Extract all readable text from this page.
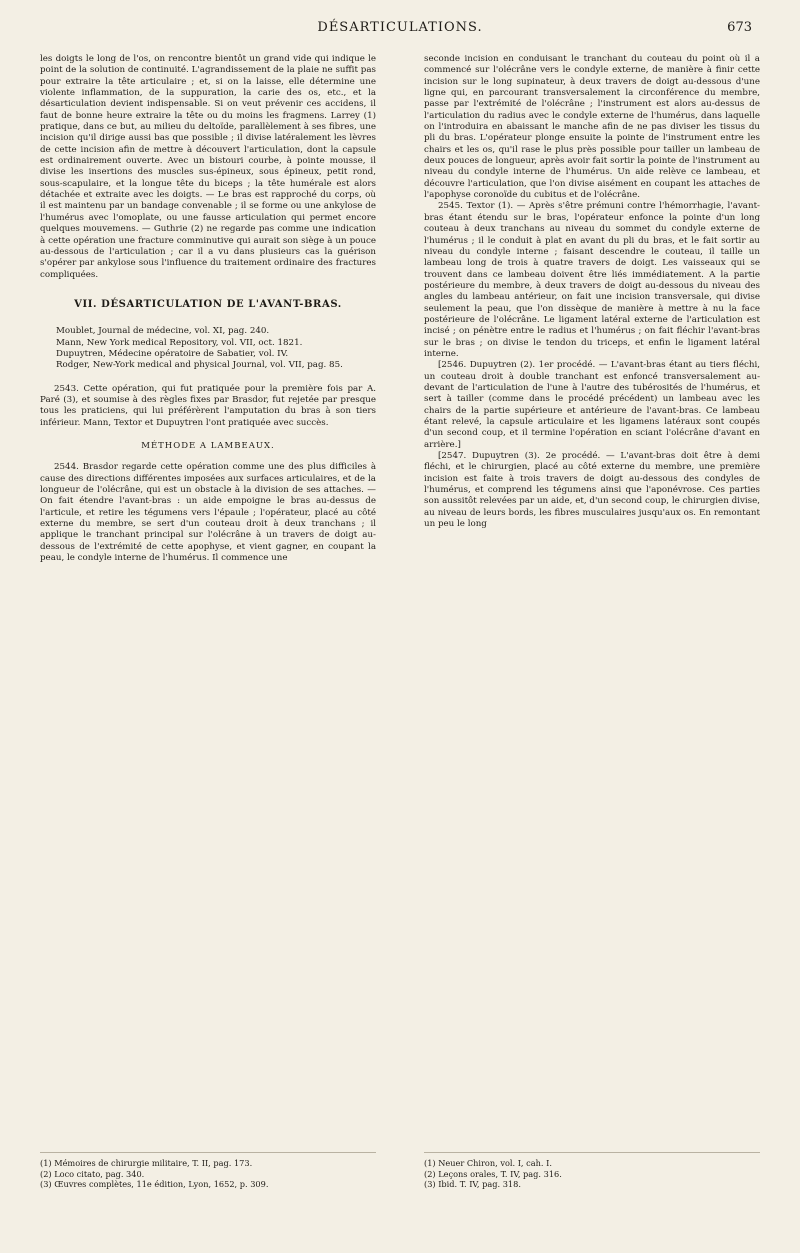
DÉSARTICULATIONS.	673

les doigts le long de l'os, on rencontre bientôt un grand vide qui indique le point de la solution de continuité. L'agrandissement de la plaie ne suffit pas pour extraire la tête articulaire ; et, si on la laisse, elle détermine une violente inflammation, de la suppuration, la carie des os, etc., et la désarticulation devient indispensable. Si on veut prévenir ces accidens, il faut de bonne heure extraire la tête ou du moins les fragmens. Larrey (1) pratique, dans ce but, au milieu du deltoïde, parallèlement à ses fibres, une incision qu'il dirige aussi bas que possible ; il divise latéralement les lèvres de cette incision afin de mettre à découvert l'articulation, dont la capsule est ordinairement ouverte. Avec un bistouri courbe, à pointe mousse, il divise les insertions des muscles sus-épineux, sous épineux, petit rond, sous-scapulaire, et la longue tête du biceps ; la tête humérale est alors détachée et extraite avec les doigts. — Le bras est rapproché du corps, où il est maintenu par un bandage convenable ; il se forme ou une ankylose de l'humérus avec l'omoplate, ou une fausse articulation qui permet encore quelques mouvemens. — Guthrie (2) ne regarde pas comme une indication à cette opération une fracture comminutive qui aurait son siège à un pouce au-dessous de l'articulation ; car il a vu dans plusieurs cas la guérison s'opérer par ankylose sous l'influence du traitement ordinaire des fractures compliquées.

VII. DÉSARTICULATION DE L'AVANT-BRAS.

Moublet, Journal de médecine, vol. XI, pag. 240.

Mann, New York medical Repository, vol. VII, oct. 1821.

Dupuytren, Médecine opératoire de Sabatier, vol. IV.

Rodger, New-York medical and physical Journal, vol. VII, pag. 85.

2543. Cette opération, qui fut pratiquée pour la première fois par A. Paré (3), et soumise à des règles fixes par Brasdor, fut rejetée par presque tous les praticiens, qui lui préférèrent l'amputation du bras à son tiers inférieur. Mann, Textor et Dupuytren l'ont pratiquée avec succès.

MÉTHODE A LAMBEAUX.

2544. Brasdor regarde cette opération comme une des plus difficiles à cause des directions différentes imposées aux surfaces articulaires, et de la longueur de l'olécrâne, qui est un obstacle à la division de ses attaches. — On fait étendre l'avant-bras : un aide empoigne le bras au-dessus de l'articule, et retire les tégumens vers l'épaule ; l'opérateur, placé au côté externe du membre, se sert d'un couteau droit à deux tranchans ; il applique le tranchant principal sur l'olécrâne à un travers de doigt au-dessous de l'extrémité de cette apophyse, et vient gagner, en coupant la peau, le condyle interne de l'humérus. Il commence une

seconde incision en conduisant le tranchant du couteau du point où il a commencé sur l'olécrâne vers le condyle externe, de manière à finir cette incision sur le long supinateur, à deux travers de doigt au-dessous d'une ligne qui, en parcourant transversalement la circonférence du membre, passe par l'extrémité de l'olécrâne ; l'instrument est alors au-dessus de l'articulation du radius avec le condyle externe de l'humérus, dans laquelle on l'introduira en abaissant le manche afin de ne pas diviser les tissus du pli du bras. L'opérateur plonge ensuite la pointe de l'instrument entre les chairs et les os, qu'il rase le plus près possible pour tailler un lambeau de deux pouces de longueur, après avoir fait sortir la pointe de l'instrument au niveau du condyle interne de l'humérus. Un aide relève ce lambeau, et découvre l'articulation, que l'on divise aisément en coupant les attaches de l'apophyse coronoïde du cubitus et de l'olécrâne.

2545. Textor (1). — Après s'être prémuni contre l'hémorrhagie, l'avant-bras étant étendu sur le bras, l'opérateur enfonce la pointe d'un long couteau à deux tranchans au niveau du sommet du condyle externe de l'humérus ; il le conduit à plat en avant du pli du bras, et le fait sortir au niveau du condyle interne ; faisant descendre le couteau, il taille un lambeau long de trois à quatre travers de doigt. Les vaisseaux qui se trouvent dans ce lambeau doivent être liés immédiatement. A la partie postérieure du membre, à deux travers de doigt au-dessous du niveau des angles du lambeau antérieur, on fait une incision transversale, qui divise seulement la peau, que l'on dissèque de manière à mettre à nu la face postérieure de l'olécrâne. Le ligament latéral externe de l'articulation est incisé ; on pénètre entre le radius et l'humérus ; on fait fléchir l'avant-bras sur le bras ; on divise le tendon du triceps, et enfin le ligament latéral interne.

[2546. Dupuytren (2). 1er procédé. — L'avant-bras étant au tiers fléchi, un couteau droit à double tranchant est enfoncé transversalement au-devant de l'articulation de l'une à l'autre des tubérosités de l'humérus, et sert à tailler (comme dans le procédé précédent) un lambeau avec les chairs de la partie supérieure et antérieure de l'avant-bras. Ce lambeau étant relevé, la capsule articulaire et les ligamens latéraux sont coupés d'un second coup, et il termine l'opération en sciant l'olécrâne d'avant en arrière.]

[2547. Dupuytren (3). 2e procédé. — L'avant-bras doit être à demi fléchi, et le chirurgien, placé au côté externe du membre, une première incision est faite à trois travers de doigt au-dessous des condyles de l'humérus, et comprend les tégumens ainsi que l'aponévrose. Ces parties son aussitôt relevées par un aide, et, d'un second coup, le chirurgien divise, au niveau de leurs bords, les fibres musculaires jusqu'aux os. En remontant un peu le long

(1) Mémoires de chirurgie militaire, T. II, pag. 173.
(2) Loco citato, pag. 340.
(3) Œuvres complètes, 11e édition, Lyon, 1652, p. 309.
(1) Neuer Chiron, vol. I, cah. I.
(2) Leçons orales, T. IV, pag. 316.
(3) Ibid. T. IV, pag. 318.
